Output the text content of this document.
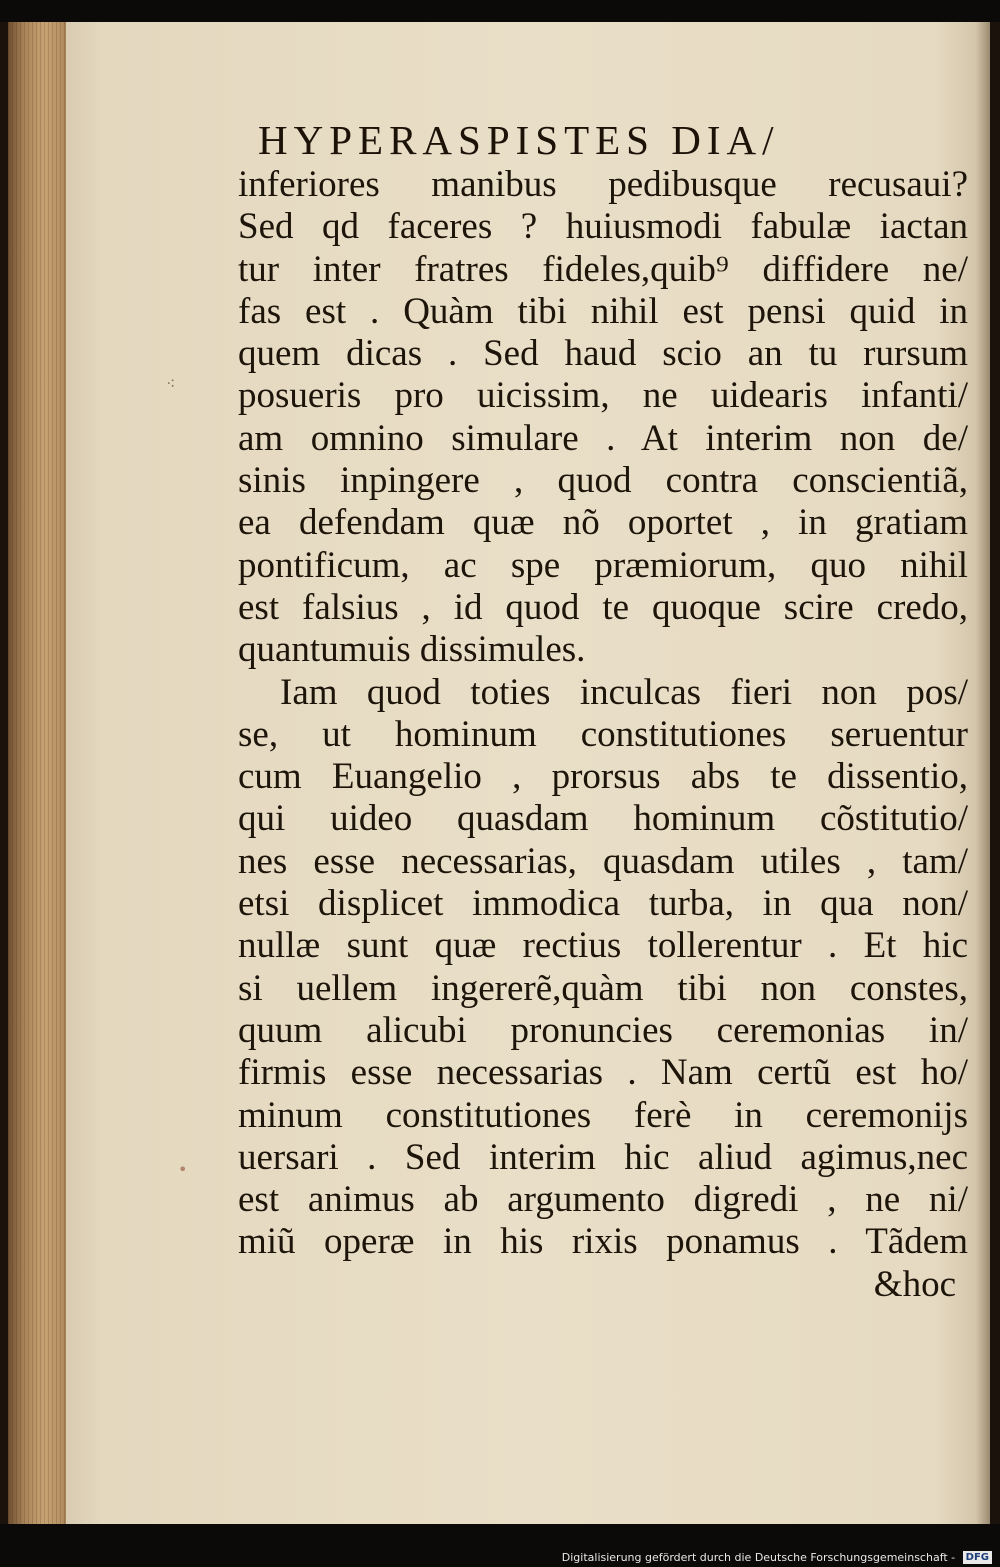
HYPERASPISTES DIA/
⁖
•
inferiores manibus pedibusque recusaui?
Sed qd faceres ? huiusmodi fabulæ iactan
tur inter fratres fideles,quib⁹ diffidere ne/
fas est . Quàm tibi nihil est pensi quid in
quem dicas . Sed haud scio an tu rursum
posueris pro uicissim, ne uidearis infanti/
am omnino simulare . At interim non de/
sinis inpingere , quod contra conscientiã,
ea defendam quæ nõ oportet , in gratiam
pontificum, ac spe præmiorum, quo nihil
est falsius , id quod te quoque scire credo,
quantumuis dissimules.
Iam quod toties inculcas fieri non pos/
se, ut hominum constitutiones seruentur
cum Euangelio , prorsus abs te dissentio,
qui uideo quasdam hominum cõstitutio/
nes esse necessarias, quasdam utiles , tam/
etsi displicet immodica turba, in qua non/
nullæ sunt quæ rectius tollerentur . Et hic
si uellem ingererẽ,quàm tibi non constes,
quum alicubi pronuncies ceremonias in/
firmis esse necessarias . Nam certũ est ho/
minum constitutiones ferè in ceremonijs
uersari . Sed interim hic aliud agimus,nec
est animus ab argumento digredi , ne ni/
miũ operæ in his rixis ponamus . Tãdem
&hoc
Digitalisierung gefördert durch die Deutsche Forschungsgemeinschaft - DFG
